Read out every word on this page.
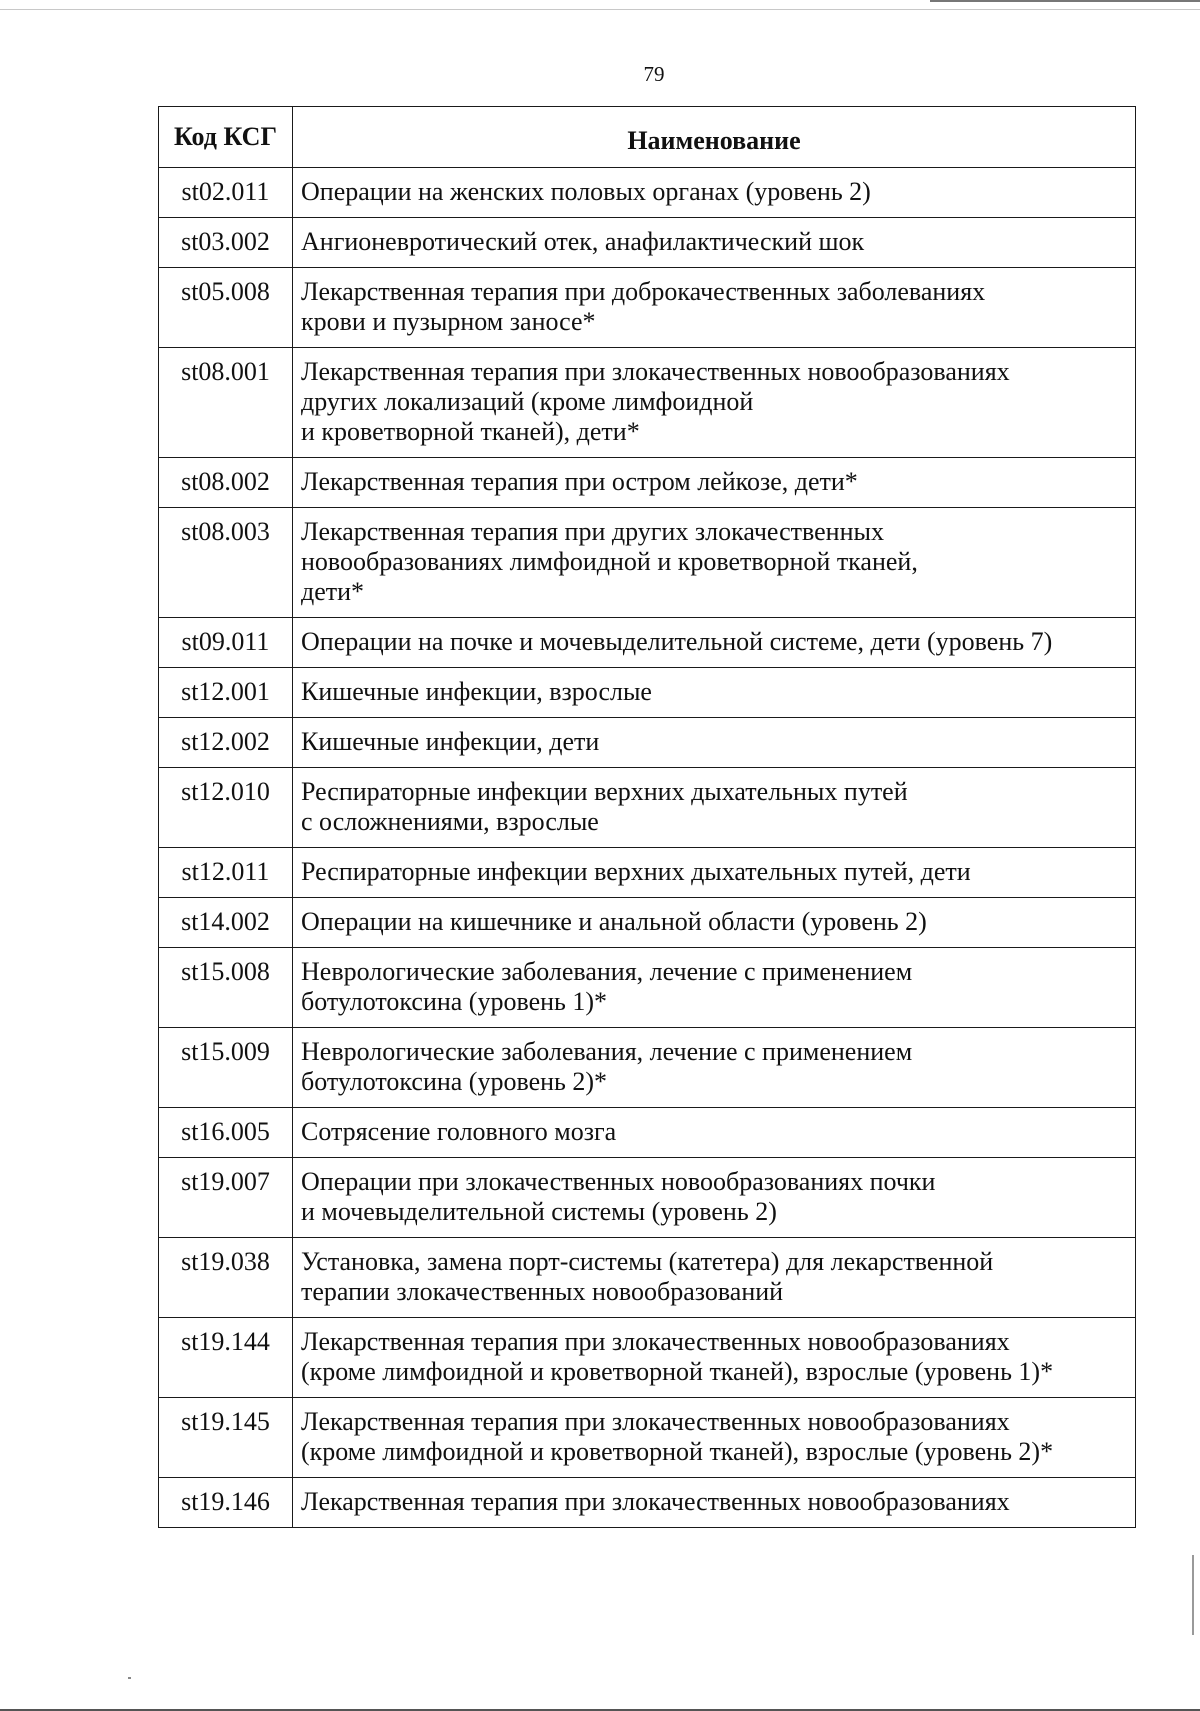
79
Код КСГ	Наименование
st02.011	Операции на женских половых органах (уровень 2)
st03.002	Ангионевротический отек, анафилактический шок
st05.008	Лекарственная терапия при доброкачественных заболеваниях
крови и пузырном заносе*
st08.001	Лекарственная терапия при злокачественных новообразованиях
других локализаций (кроме лимфоидной
и кроветворной тканей), дети*
st08.002	Лекарственная терапия при остром лейкозе, дети*
st08.003	Лекарственная терапия при других злокачественных
новообразованиях лимфоидной и кроветворной тканей,
дети*
st09.011	Операции на почке и мочевыделительной системе, дети (уровень 7)
st12.001	Кишечные инфекции, взрослые
st12.002	Кишечные инфекции, дети
st12.010	Респираторные инфекции верхних дыхательных путей
с осложнениями, взрослые
st12.011	Респираторные инфекции верхних дыхательных путей, дети
st14.002	Операции на кишечнике и анальной области (уровень 2)
st15.008	Неврологические заболевания, лечение с применением
ботулотоксина (уровень 1)*
st15.009	Неврологические заболевания, лечение с применением
ботулотоксина (уровень 2)*
st16.005	Сотрясение головного мозга
st19.007	Операции при злокачественных новообразованиях почки
и мочевыделительной системы (уровень 2)
st19.038	Установка, замена порт-системы (катетера) для лекарственной
терапии злокачественных новообразований
st19.144	Лекарственная терапия при злокачественных новообразованиях
(кроме лимфоидной и кроветворной тканей), взрослые (уровень 1)*
st19.145	Лекарственная терапия при злокачественных новообразованиях
(кроме лимфоидной и кроветворной тканей), взрослые (уровень 2)*
st19.146	Лекарственная терапия при злокачественных новообразованиях
